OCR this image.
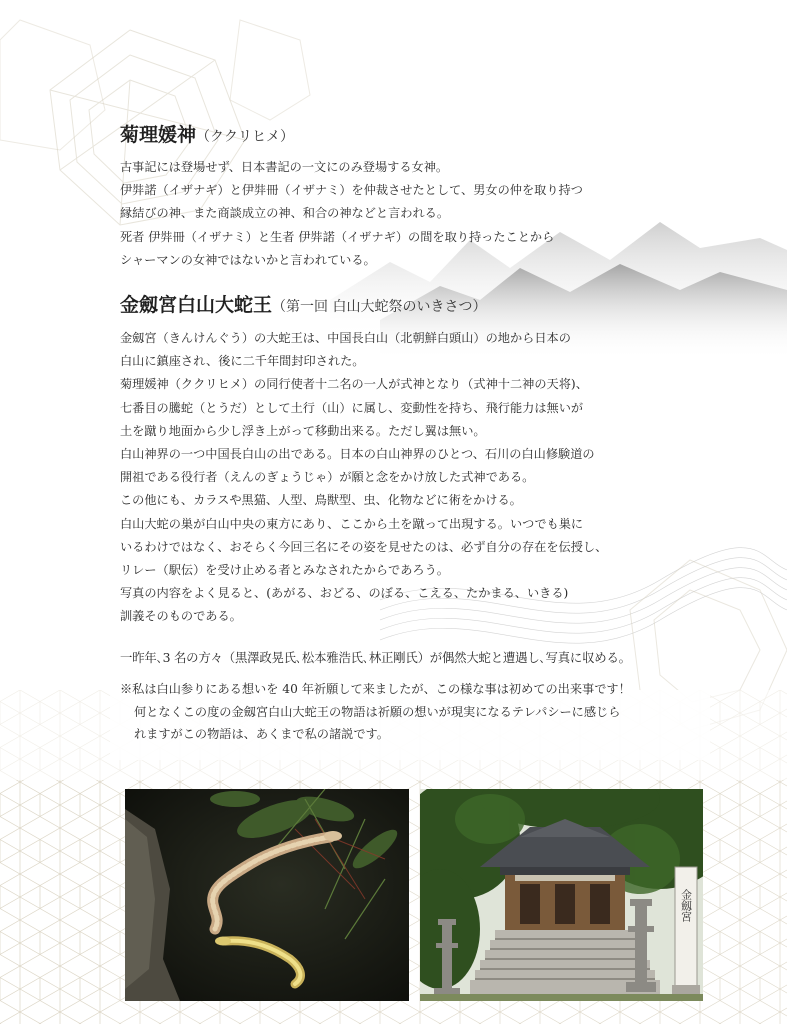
菊理媛神（ククリヒメ）

古事記には登場せず、日本書記の一文にのみ登場する女神。
伊弉諾（イザナギ）と伊弉冊（イザナミ）を仲裁させたとして、男女の仲を取り持つ
縁結びの神、また商談成立の神、和合の神などと言われる。
死者 伊弉冊（イザナミ）と生者 伊弉諾（イザナギ）の間を取り持ったことから
シャーマンの女神ではないかと言われている。

金劔宮白山大蛇王（第一回 白山大蛇祭のいきさつ）

金劔宮（きんけんぐう）の大蛇王は、中国長白山（北朝鮮白頭山）の地から日本の
白山に鎮座され、後に二千年間封印された。
菊理媛神（ククリヒメ）の同行使者十二名の一人が式神となり（式神十二神の天将)、
七番目の騰蛇（とうだ）として土行（山）に属し、変動性を持ち、飛行能力は無いが
土を蹴り地面から少し浮き上がって移動出来る。ただし翼は無い。
白山神界の一つ中国長白山の出である。日本の白山神界のひとつ、石川の白山修験道の
開祖である役行者（えんのぎょうじゃ）が願と念をかけ放した式神である。
この他にも、カラスや黒猫、人型、鳥獣型、虫、化物などに術をかける。
白山大蛇の巣が白山中央の東方にあり、ここから土を蹴って出現する。いつでも巣に
いるわけではなく、おそらく今回三名にその姿を見せたのは、必ず自分の存在を伝授し、
リレー（駅伝）を受け止める者とみなされたからであろう。
写真の内容をよく見ると、(あがる、おどる、のぼる、こえる、たかまる、いきる)
訓義そのものである。

一昨年､3 名の方々（黒澤政晃氏､松本雅浩氏､林正剛氏）が偶然大蛇と遭遇し､写真に収める。

※私は白山参りにある想いを 40 年祈願して来ましたが、この様な事は初めての出来事です！
何となくこの度の金劔宮白山大蛇王の物語は祈願の想いが現実になるテレパシーに感じら
れますがこの物語は、あくまで私の諸説です。

金劔宮
